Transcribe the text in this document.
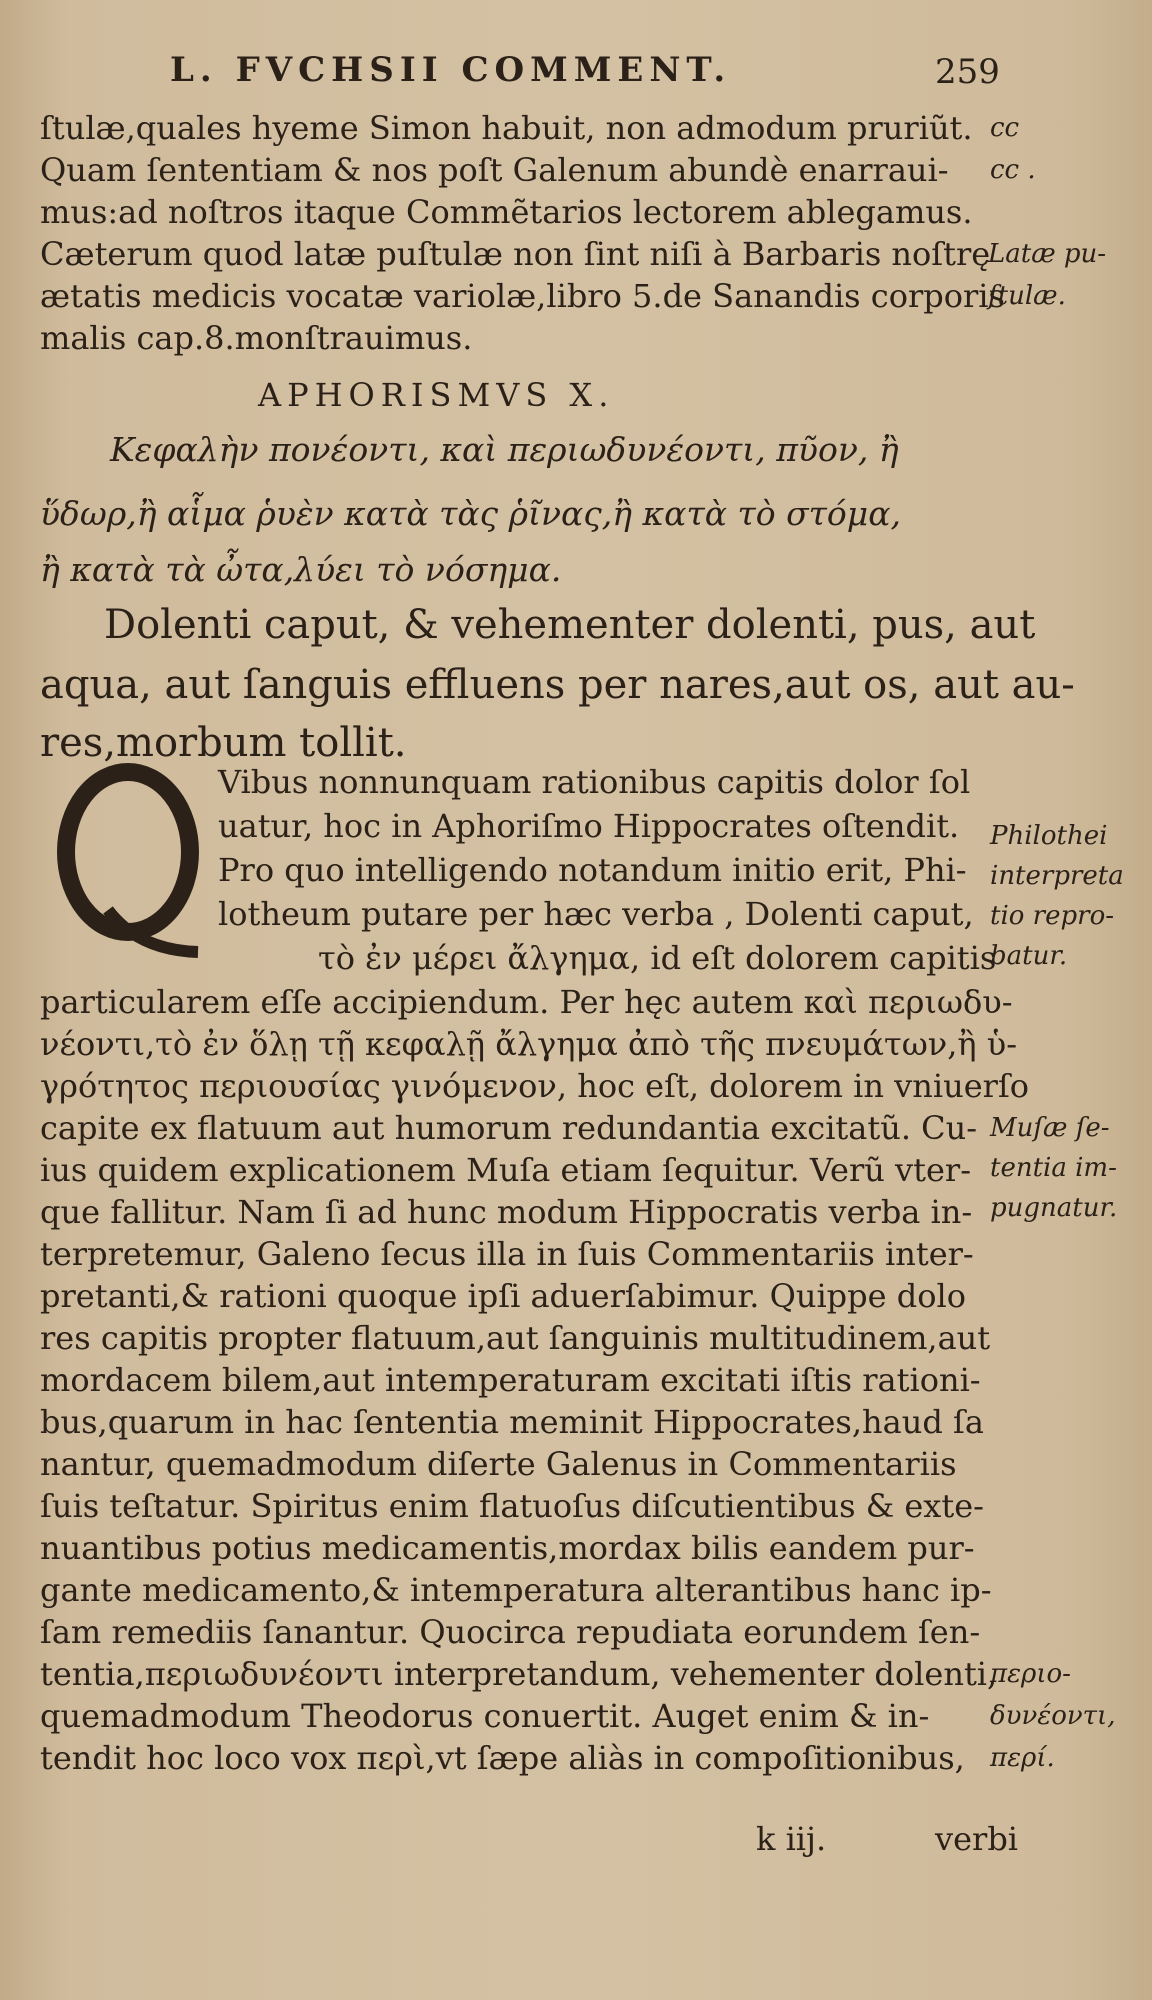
L. FVCHSII COMMENT.	259
ſtulæ,quales hyeme Simon habuit, non admodum pruriũt.
Quam ſententiam & nos poſt Galenum abundè enarraui-
mus:ad noſtros itaque Commẽtarios lectorem ablegamus.
Cæterum quod latæ puſtulæ non ſint niſi à Barbaris noſtrę
ætatis medicis vocatæ variolæ,libro 5.de Sanandis corporis
malis cap.8.monſtrauimus.
cc
cc .
Latæ pu-
ſtulæ.
APHORISMVS X.
Κεφαλὴν πονέοντι, καὶ περιωδυνέοντι, πῦον, ἢ
ὕδωρ,ἢ αἷμα ῥυὲν κατὰ τὰς ῥῖνας,ἢ κατὰ τὸ στόμα,
ἢ κατὰ τὰ ὦτα,λύει τὸ νόσημα.
Dolenti caput, & vehementer dolenti, pus, aut
aqua, aut ſanguis effluens per nares,aut os, aut au-
res,morbum tollit.
Q
Vibus nonnunquam rationibus capitis dolor ſol
uatur, hoc in Aphoriſmo Hippocrates oſtendit.
Pro quo intelligendo notandum initio erit, Phi-
lotheum putare per hæc verba , Dolenti caput,
τὸ ἐν μέρει ἄλγημα, id eſt dolorem capitis
particularem eſſe accipiendum. Per hęc autem καὶ περιωδυ-
νέοντι,τὸ ἐν ὅλῃ τῇ κεφαλῇ ἄλγημα ἀπὸ τῆς πνευμάτων,ἢ ὑ-
γρότητος περιουσίας γινόμενον, hoc eſt, dolorem in vniuerſo
capite ex flatuum aut humorum redundantia excitatũ. Cu-
ius quidem explicationem Muſa etiam ſequitur. Verũ vter-
que fallitur. Nam ſi ad hunc modum Hippocratis verba in-
terpretemur, Galeno ſecus illa in ſuis Commentariis inter-
pretanti,& rationi quoque ipſi aduerſabimur. Quippe dolo
res capitis propter flatuum,aut ſanguinis multitudinem,aut
mordacem bilem,aut intemperaturam excitati iſtis rationi-
bus,quarum in hac ſententia meminit Hippocrates,haud ſa
nantur, quemadmodum diſerte Galenus in Commentariis
ſuis teſtatur. Spiritus enim flatuoſus diſcutientibus & exte-
nuantibus potius medicamentis,mordax bilis eandem pur-
gante medicamento,& intemperatura alterantibus hanc ip-
ſam remediis ſanantur. Quocirca repudiata eorundem ſen-
tentia,περιωδυνέοντι interpretandum, vehementer dolenti,
quemadmodum Theodorus conuertit. Auget enim & in-
tendit hoc loco vox περὶ,vt ſæpe aliàs in compoſitionibus,
Philothei
interpreta
tio repro-
batur.
Muſæ ſe-
tentia im-
pugnatur.
περιο-
δυνέοντι,
περί.
k iij.	verbi
